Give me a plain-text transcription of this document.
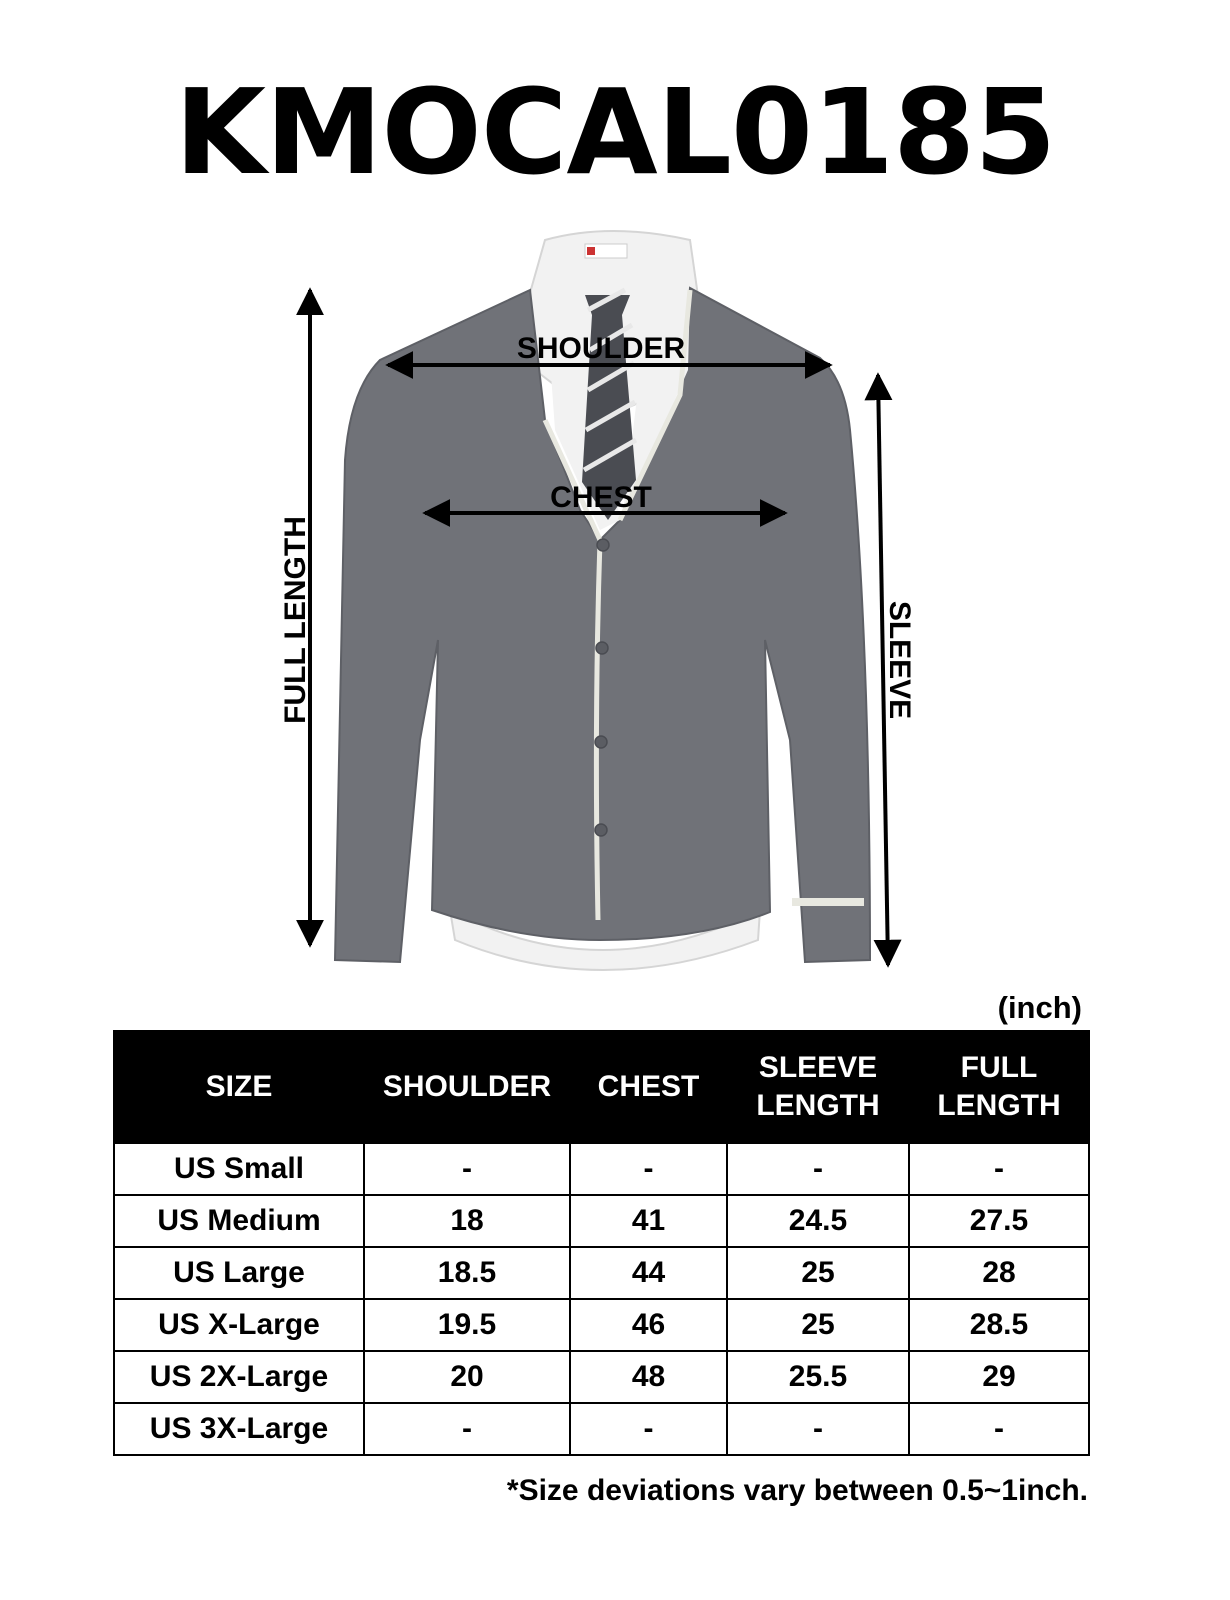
KMOCAL0185
SHOULDER
CHEST
FULL LENGTH	SLEEVE
(inch)
SIZE	SHOULDER	CHEST	SLEEVE LENGTH	FULL LENGTH
US Small	-	-	-	-
US Medium	18	41	24.5	27.5
US Large	18.5	44	25	28
US X-Large	19.5	46	25	28.5
US 2X-Large	20	48	25.5	29
US 3X-Large	-	-	-	-
*Size deviations vary between 0.5~1inch.
